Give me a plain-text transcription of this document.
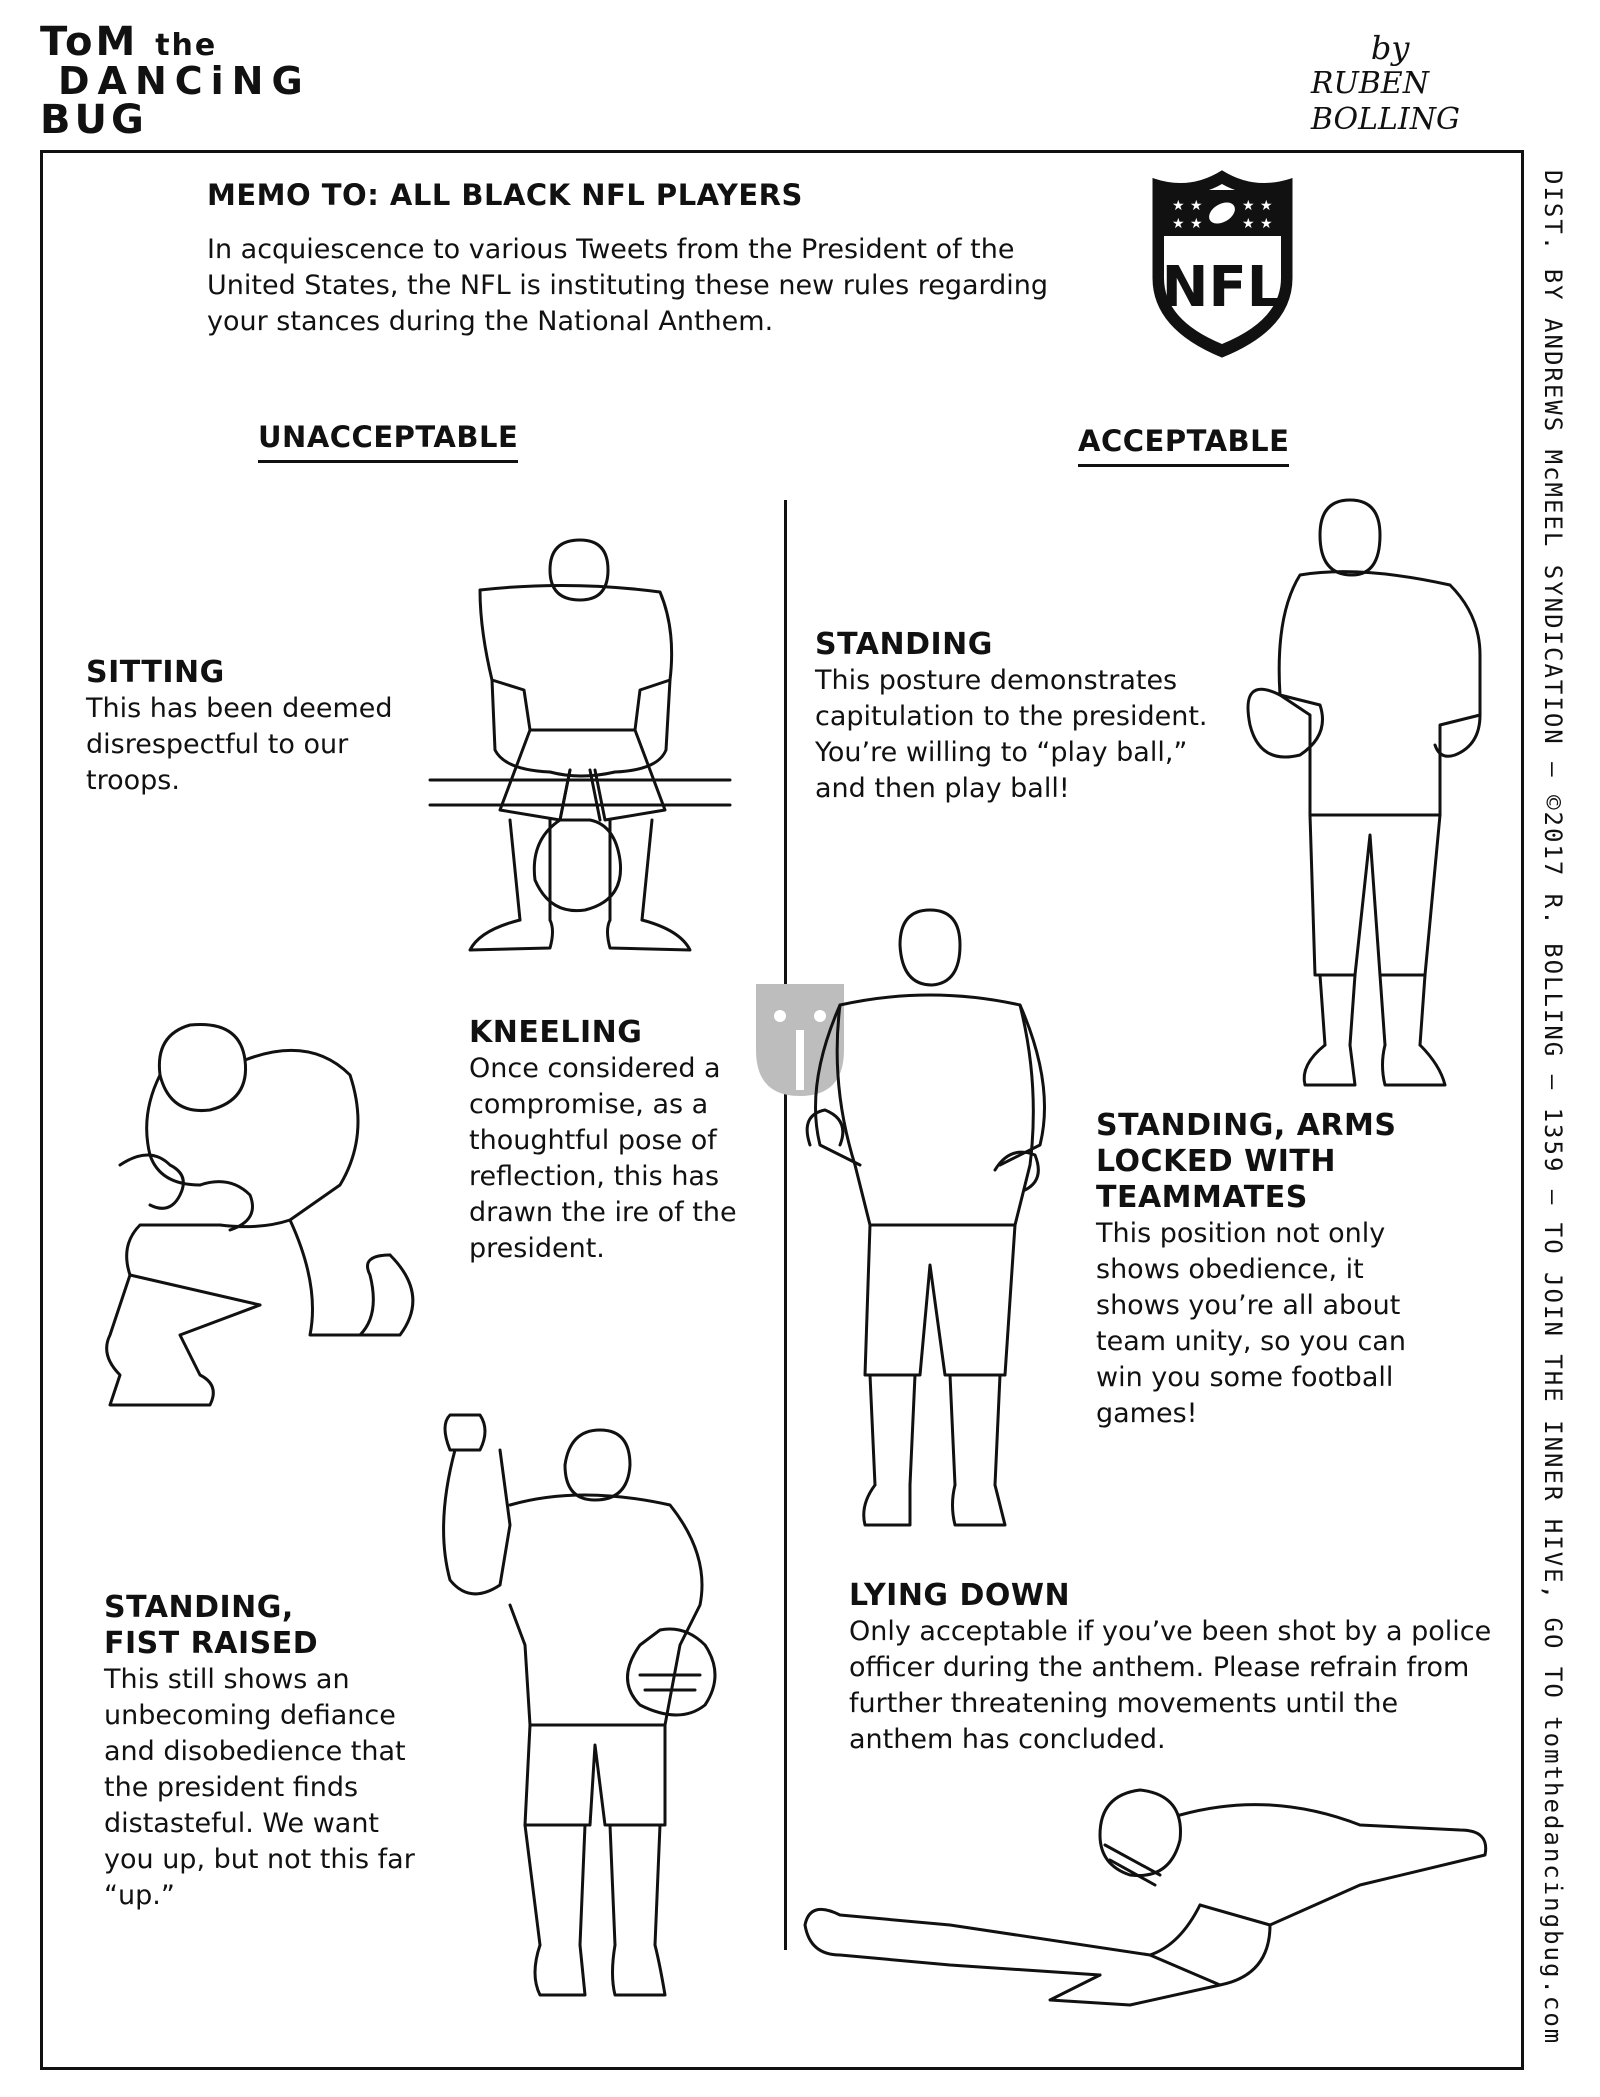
ToM the
DANCiNG
BUG
by
RUBEN
BOLLING
MEMO TO: ALL BLACK NFL PLAYERS
In acquiescence to various Tweets from the President of the United States, the NFL is instituting these new rules regarding your stances during the National Anthem.
★
★
★
★
★
★
★
★
NFL
UNACCEPTABLE	ACCEPTABLE
SITTING
This has been deemed disrespectful to our troops.
KNEELING
Once considered a compromise, as a thoughtful pose of reflection, this has drawn the ire of the president.
STANDING, FIST RAISED
This still shows an unbecoming defiance and disobedience that the president finds distasteful. We want you up, but not this far “up.”
STANDING
This posture demonstrates capitulation to the president. You’re willing to “play ball,” and then play ball!
STANDING, ARMS LOCKED WITH TEAMMATES
This position not only shows obedience, it shows you’re all about team unity, so you can win you some football games!
LYING DOWN
Only acceptable if you’ve been shot by a police officer during the anthem. Please refrain from further threatening movements until the anthem has concluded.	DIST. BY ANDREWS McMEEL SYNDICATION – ©2017 R. BOLLING – 1359 – TO JOIN THE INNER HIVE, GO TO tomthedancingbug.com
